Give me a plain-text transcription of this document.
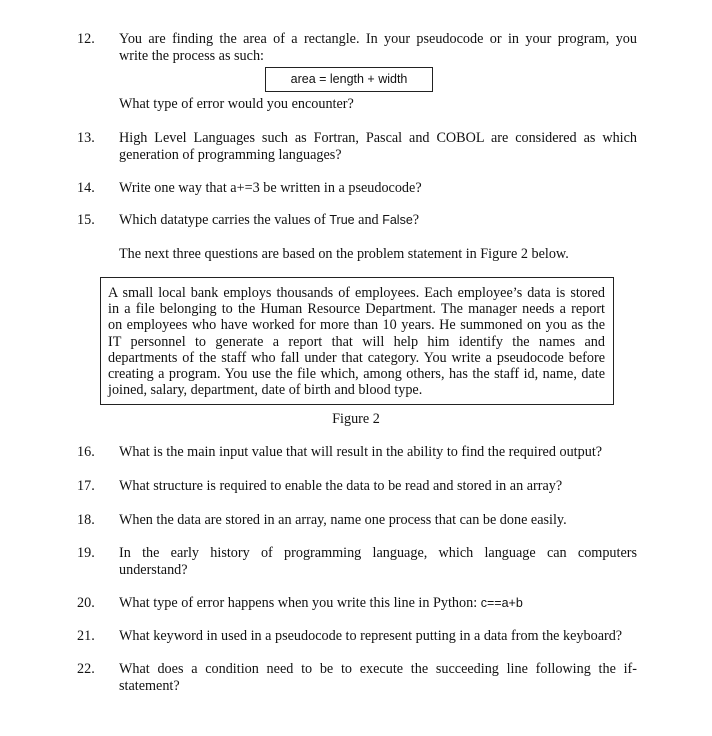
12. You are finding the area of a rectangle. In your pseudocode or in your program, you
write the process as such:
area = length + width
What type of error would you encounter?
13. High Level Languages such as Fortran, Pascal and COBOL are considered as which
generation of programming languages?
14. Write one way that a+=3 be written in a pseudocode?
15. Which datatype carries the values of True and False?
The next three questions are based on the problem statement in Figure 2 below.
A small local bank employs thousands of employees. Each employee’s data is stored
in a file belonging to the Human Resource Department. The manager needs a report
on employees who have worked for more than 10 years. He summoned on you as the
IT personnel to generate a report that will help him identify the names and
departments of the staff who fall under that category. You write a pseudocode before
creating a program. You use the file which, among others, has the staff id, name, date
joined, salary, department, date of birth and blood type.
Figure 2
16. What is the main input value that will result in the ability to find the required output?
17. What structure is required to enable the data to be read and stored in an array?
18. When the data are stored in an array, name one process that can be done easily.
19. In the early history of programming language, which language can computers
understand?
20. What type of error happens when you write this line in Python: c==a+b
21. What keyword in used in a pseudocode to represent putting in a data from the keyboard?
22. What does a condition need to be to execute the succeeding line following the if-
statement?
